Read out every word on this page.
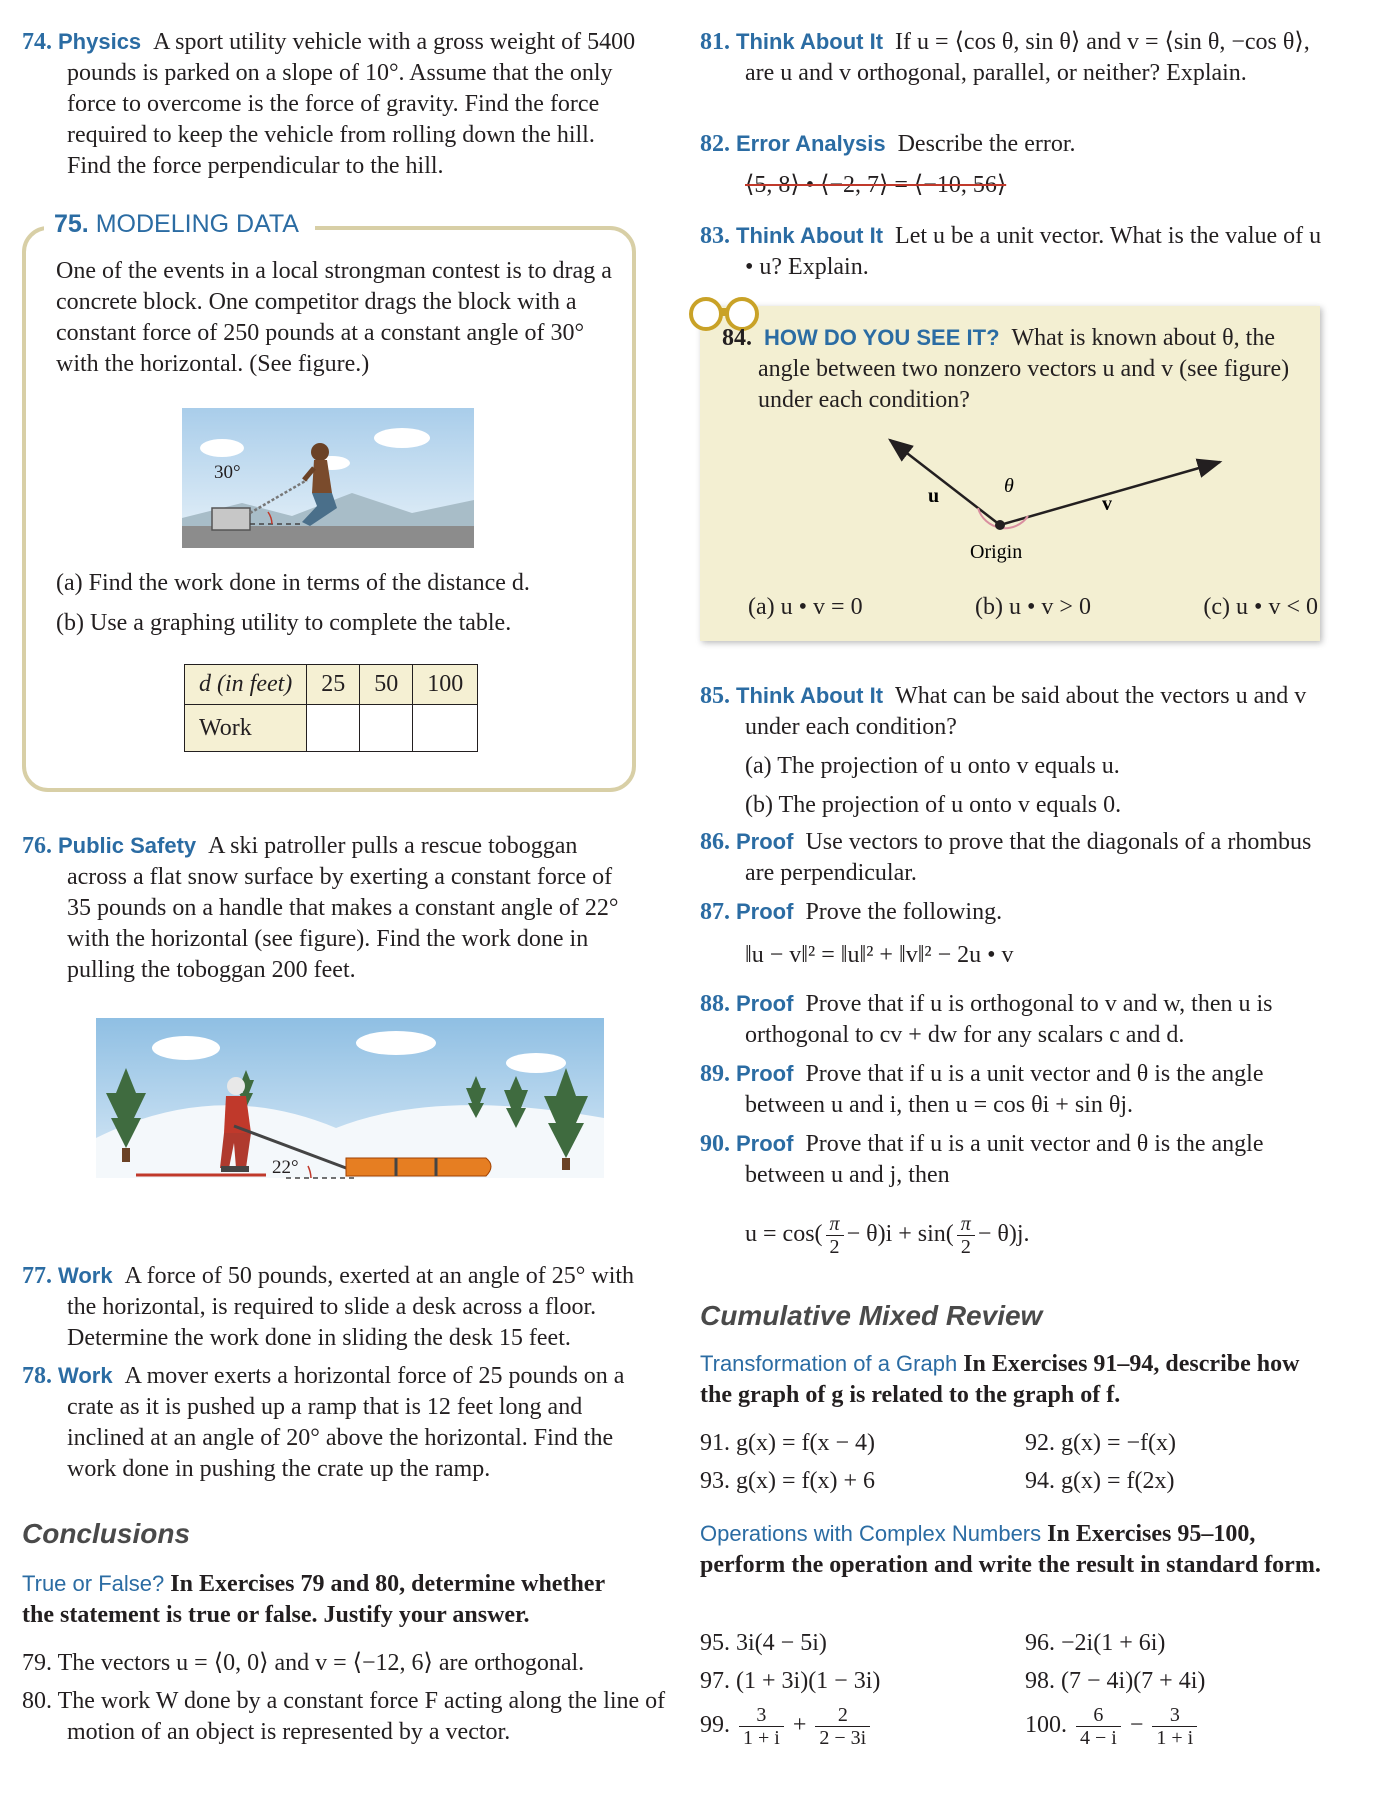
74. Physics A sport utility vehicle with a gross weight of 5400 pounds is parked on a slope of 10°. Assume that the only force to overcome is the force of gravity. Find the force required to keep the vehicle from rolling down the hill. Find the force perpendicular to the hill.
75. MODELING DATA
One of the events in a local strongman contest is to drag a concrete block. One competitor drags the block with a constant force of 250 pounds at a constant angle of 30° with the horizontal. (See figure.)
30°
(a) Find the work done in terms of the distance d.
(b) Use a graphing utility to complete the table.
d (in feet)	25	50	100
Work			
76. Public Safety A ski patroller pulls a rescue toboggan across a flat snow surface by exerting a constant force of 35 pounds on a handle that makes a constant angle of 22° with the horizontal (see figure). Find the work done in pulling the toboggan 200 feet.
22°
77. Work A force of 50 pounds, exerted at an angle of 25° with the horizontal, is required to slide a desk across a floor. Determine the work done in sliding the desk 15 feet.
78. Work A mover exerts a horizontal force of 25 pounds on a crate as it is pushed up a ramp that is 12 feet long and inclined at an angle of 20° above the horizontal. Find the work done in pushing the crate up the ramp.
Conclusions
True or False? In Exercises 79 and 80, determine whether the statement is true or false. Justify your answer.
79. The vectors u = ⟨0, 0⟩ and v = ⟨−12, 6⟩ are orthogonal.
80. The work W done by a constant force F acting along the line of motion of an object is represented by a vector.
81. Think About It If u = ⟨cos θ, sin θ⟩ and v = ⟨sin θ, −cos θ⟩, are u and v orthogonal, parallel, or neither? Explain.
82. Error Analysis Describe the error.
⟨5, 8⟩ • ⟨−2, 7⟩ = ⟨−10, 56⟩
83. Think About It Let u be a unit vector. What is the value of u • u? Explain.
84. HOW DO YOU SEE IT? What is known about θ, the angle between two nonzero vectors u and v (see figure) under each condition?
u	v
θ
Origin
(a) u • v = 0	(b) u • v > 0	(c) u • v < 0
85. Think About It What can be said about the vectors u and v under each condition?
(a) The projection of u onto v equals u.
(b) The projection of u onto v equals 0.
86. Proof Use vectors to prove that the diagonals of a rhombus are perpendicular.
87. Proof Prove the following.
‖u − v‖² = ‖u‖² + ‖v‖² − 2u • v
88. Proof Prove that if u is orthogonal to v and w, then u is orthogonal to cv + dw for any scalars c and d.
89. Proof Prove that if u is a unit vector and θ is the angle between u and i, then u = cos θi + sin θj.
90. Proof Prove that if u is a unit vector and θ is the angle between u and j, then
$u = \cos( \frac{\pi}{2} - \theta)i + \sin( \frac{\pi}{2} - \theta)j$.
Cumulative Mixed Review
Transformation of a Graph In Exercises 91–94, describe how the graph of g is related to the graph of f.
91. g(x) = f(x − 4)	92. g(x) = −f(x)
93. g(x) = f(x) + 6	94. g(x) = f(2x)
Operations with Complex Numbers In Exercises 95–100, perform the operation and write the result in standard form.
95. 3i(4 − 5i)	96. −2i(1 + 6i)
97. (1 + 3i)(1 − 3i)	98. (7 − 4i)(7 + 4i)
99. $\frac{3}{1 + i} + \frac{2}{2 - 3i}$	100. $\frac{6}{4 - i} - \frac{3}{1 + i}$
